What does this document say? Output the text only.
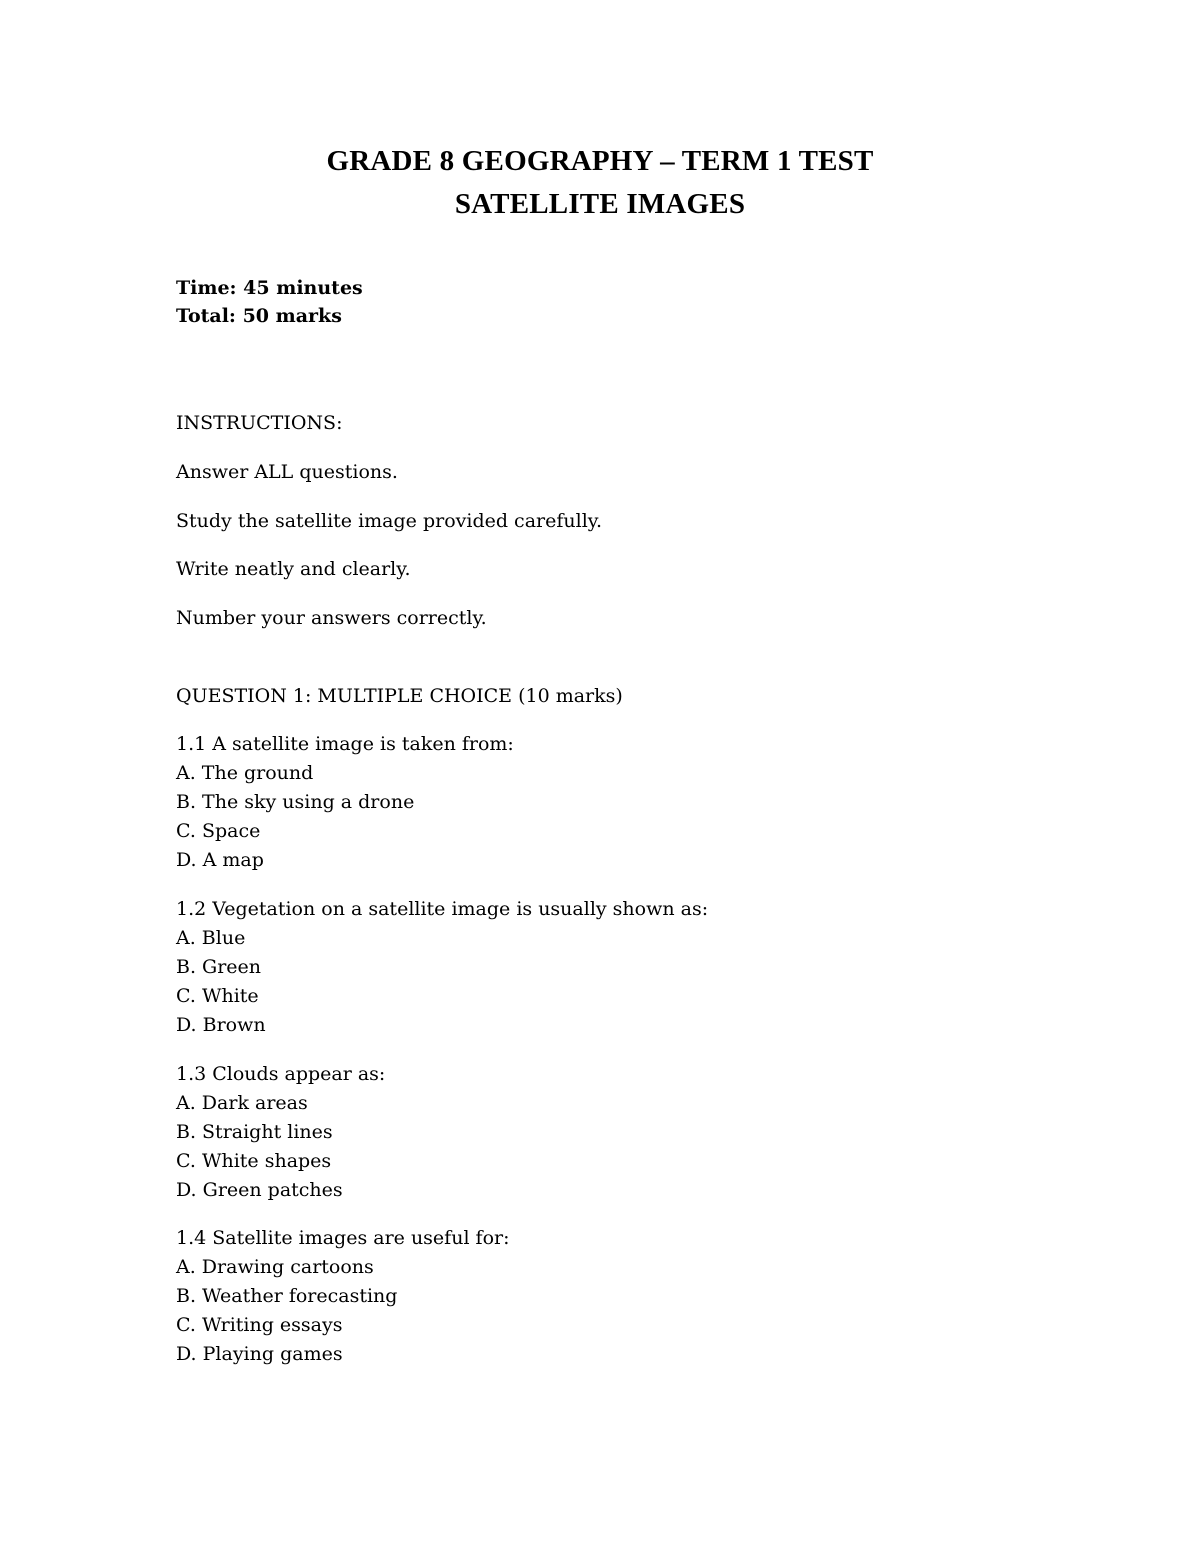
GRADE 8 GEOGRAPHY – TERM 1 TEST
SATELLITE IMAGES
Time: 45 minutes
Total: 50 marks
INSTRUCTIONS:
Answer ALL questions.
Study the satellite image provided carefully.
Write neatly and clearly.
Number your answers correctly.
QUESTION 1: MULTIPLE CHOICE (10 marks)
1.1 A satellite image is taken from:
A. The ground
B. The sky using a drone
C. Space
D. A map
1.2 Vegetation on a satellite image is usually shown as:
A. Blue
B. Green
C. White
D. Brown
1.3 Clouds appear as:
A. Dark areas
B. Straight lines
C. White shapes
D. Green patches
1.4 Satellite images are useful for:
A. Drawing cartoons
B. Weather forecasting
C. Writing essays
D. Playing games
